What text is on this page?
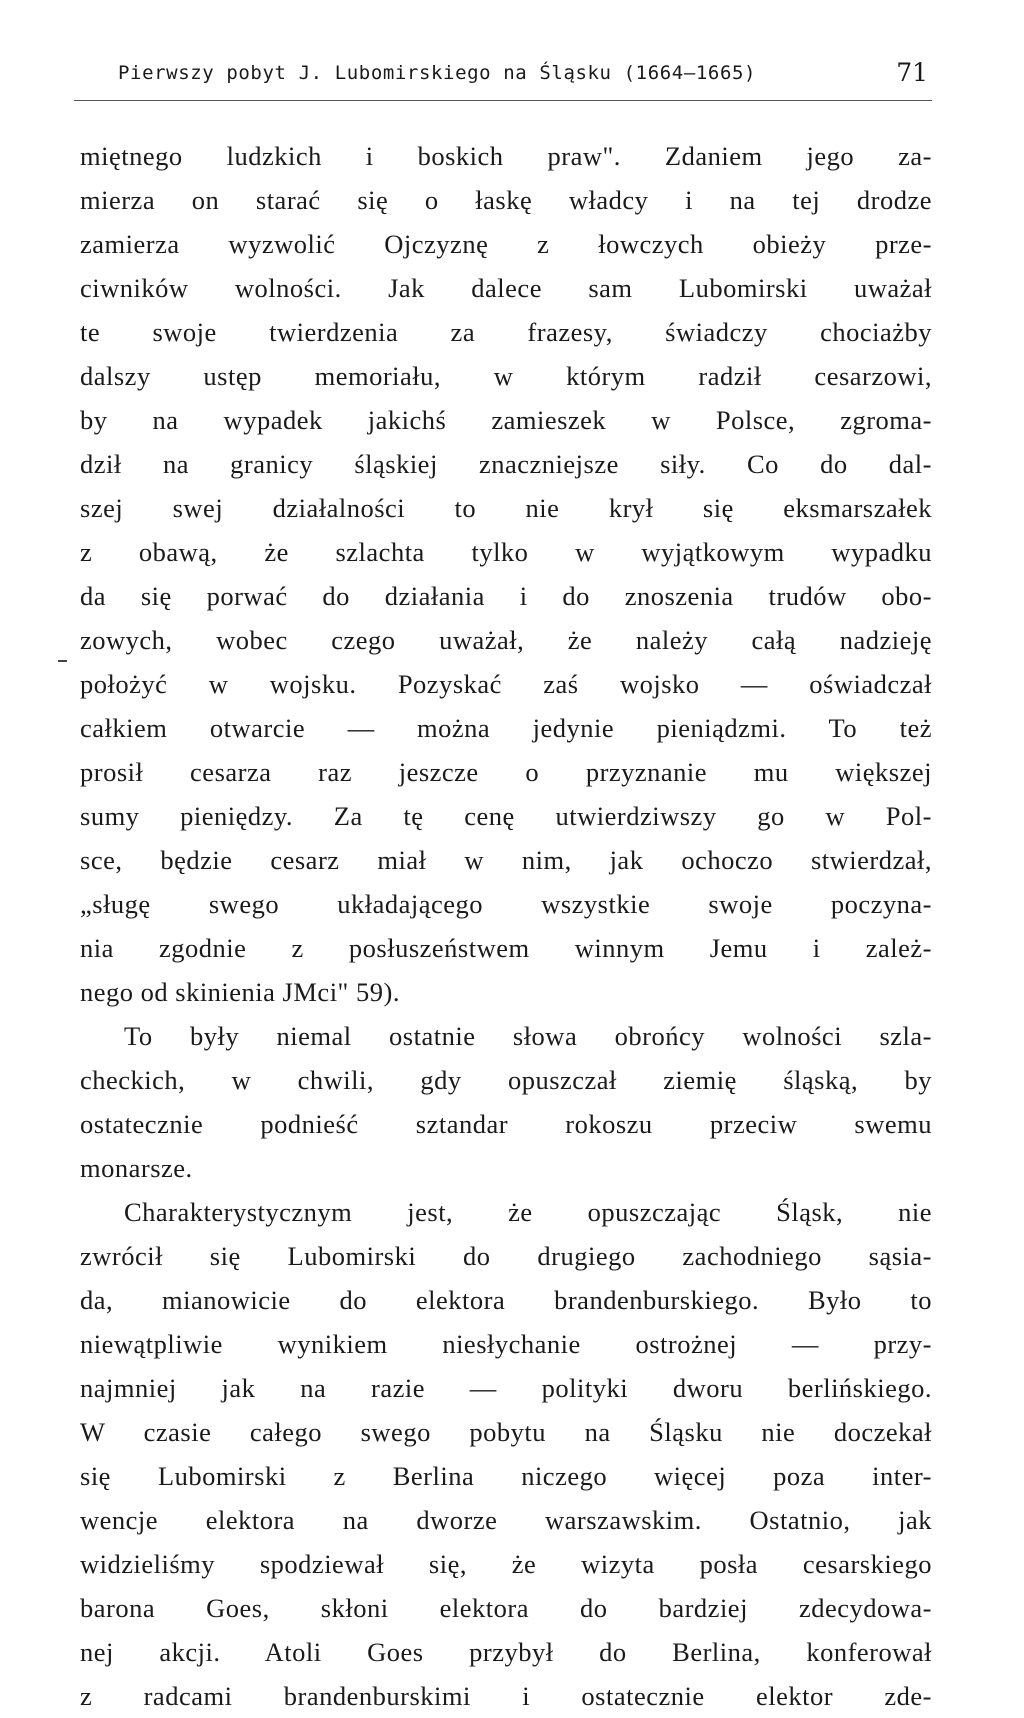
Pierwszy pobyt J. Lubomirskiego na Śląsku (1664—1665)	71
miętnego ludzkich i boskich praw". Zdaniem jego za-
mierza on starać się o łaskę władcy i na tej drodze
zamierza wyzwolić Ojczyznę z łowczych obieży prze-
ciwników wolności. Jak dalece sam Lubomirski uważał
te swoje twierdzenia za frazesy, świadczy chociażby
dalszy ustęp memoriału, w którym radził cesarzowi,
by na wypadek jakichś zamieszek w Polsce, zgroma-
dził na granicy śląskiej znaczniejsze siły. Co do dal-
szej swej działalności to nie krył się eksmarszałek
z obawą, że szlachta tylko w wyjątkowym wypadku
da się porwać do działania i do znoszenia trudów obo-
zowych, wobec czego uważał, że należy całą nadzieję
położyć w wojsku. Pozyskać zaś wojsko — oświadczał
całkiem otwarcie — można jedynie pieniądzmi. To też
prosił cesarza raz jeszcze o przyznanie mu większej
sumy pieniędzy. Za tę cenę utwierdziwszy go w Pol-
sce, będzie cesarz miał w nim, jak ochoczo stwierdzał,
„sługę swego układającego wszystkie swoje poczyna-
nia zgodnie z posłuszeństwem winnym Jemu i zależ-
nego od skinienia JMci" 59).
To były niemal ostatnie słowa obrońcy wolności szla-
checkich, w chwili, gdy opuszczał ziemię śląską, by
ostatecznie podnieść sztandar rokoszu przeciw swemu
monarsze.
Charakterystycznym jest, że opuszczając Śląsk, nie
zwrócił się Lubomirski do drugiego zachodniego sąsia-
da, mianowicie do elektora brandenburskiego. Było to
niewątpliwie wynikiem niesłychanie ostrożnej — przy-
najmniej jak na razie — polityki dworu berlińskiego.
W czasie całego swego pobytu na Śląsku nie doczekał
się Lubomirski z Berlina niczego więcej poza inter-
wencje elektora na dworze warszawskim. Ostatnio, jak
widzieliśmy spodziewał się, że wizyta posła cesarskiego
barona Goes, skłoni elektora do bardziej zdecydowa-
nej akcji. Atoli Goes przybył do Berlina, konferował
z radcami brandenburskimi i ostatecznie elektor zde-
